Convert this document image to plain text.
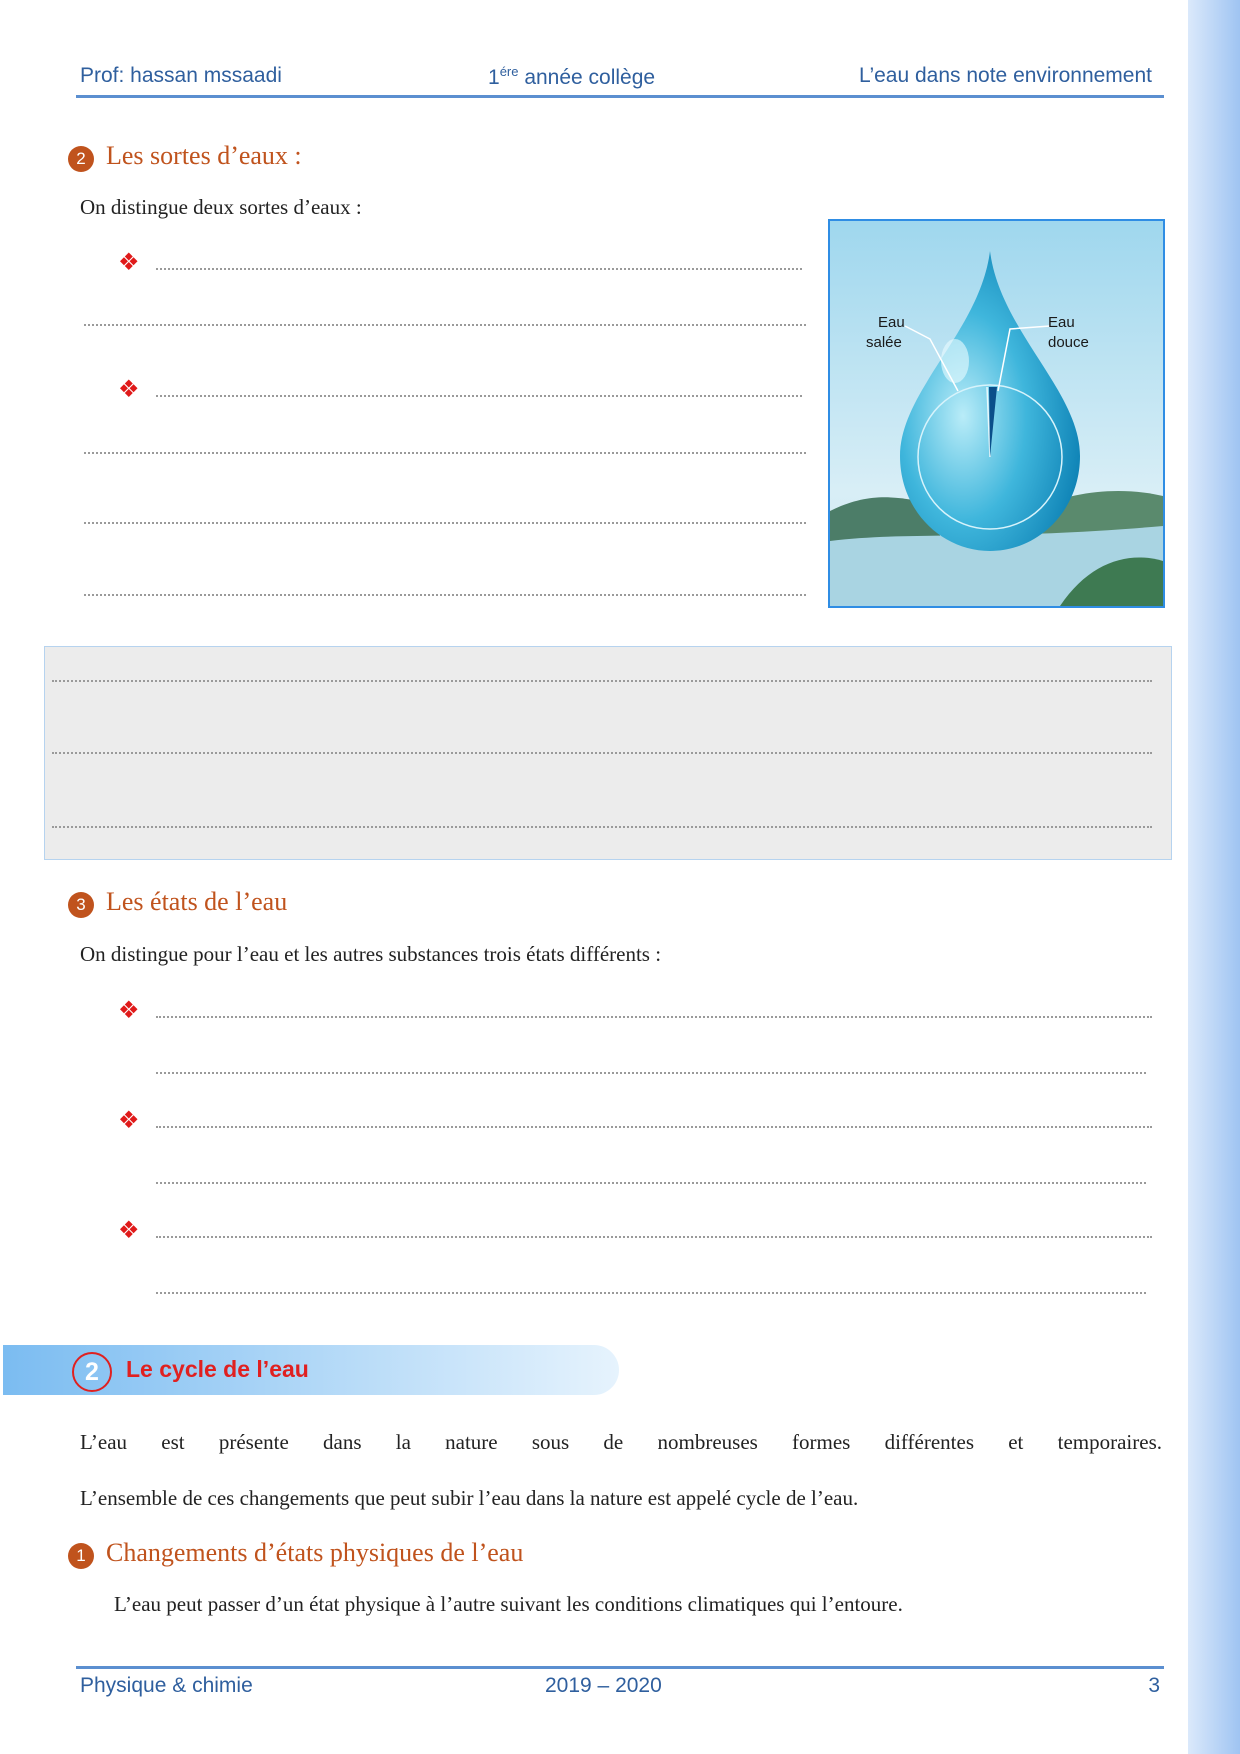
Prof: hassan mssaadi	$1^{ére}$ année collège	L’eau dans note environnement
2 Les sortes d’eaux :
On distingue deux sortes d’eaux :
❖
❖
Eau
salée
Eau
douce
3 Les états de l’eau
On distingue pour l’eau et les autres substances trois états différents :
❖
❖
❖
2	Le cycle de l’eau
L’eau est présente dans la nature sous de nombreuses formes différentes et temporaires.
L’ensemble de ces changements que peut subir l’eau dans la nature est appelé cycle de l’eau.
1 Changements d’états physiques de l’eau
L’eau peut passer d’un état physique à l’autre suivant les conditions climatiques qui l’entoure.
Physique & chimie	2019 – 2020	3
